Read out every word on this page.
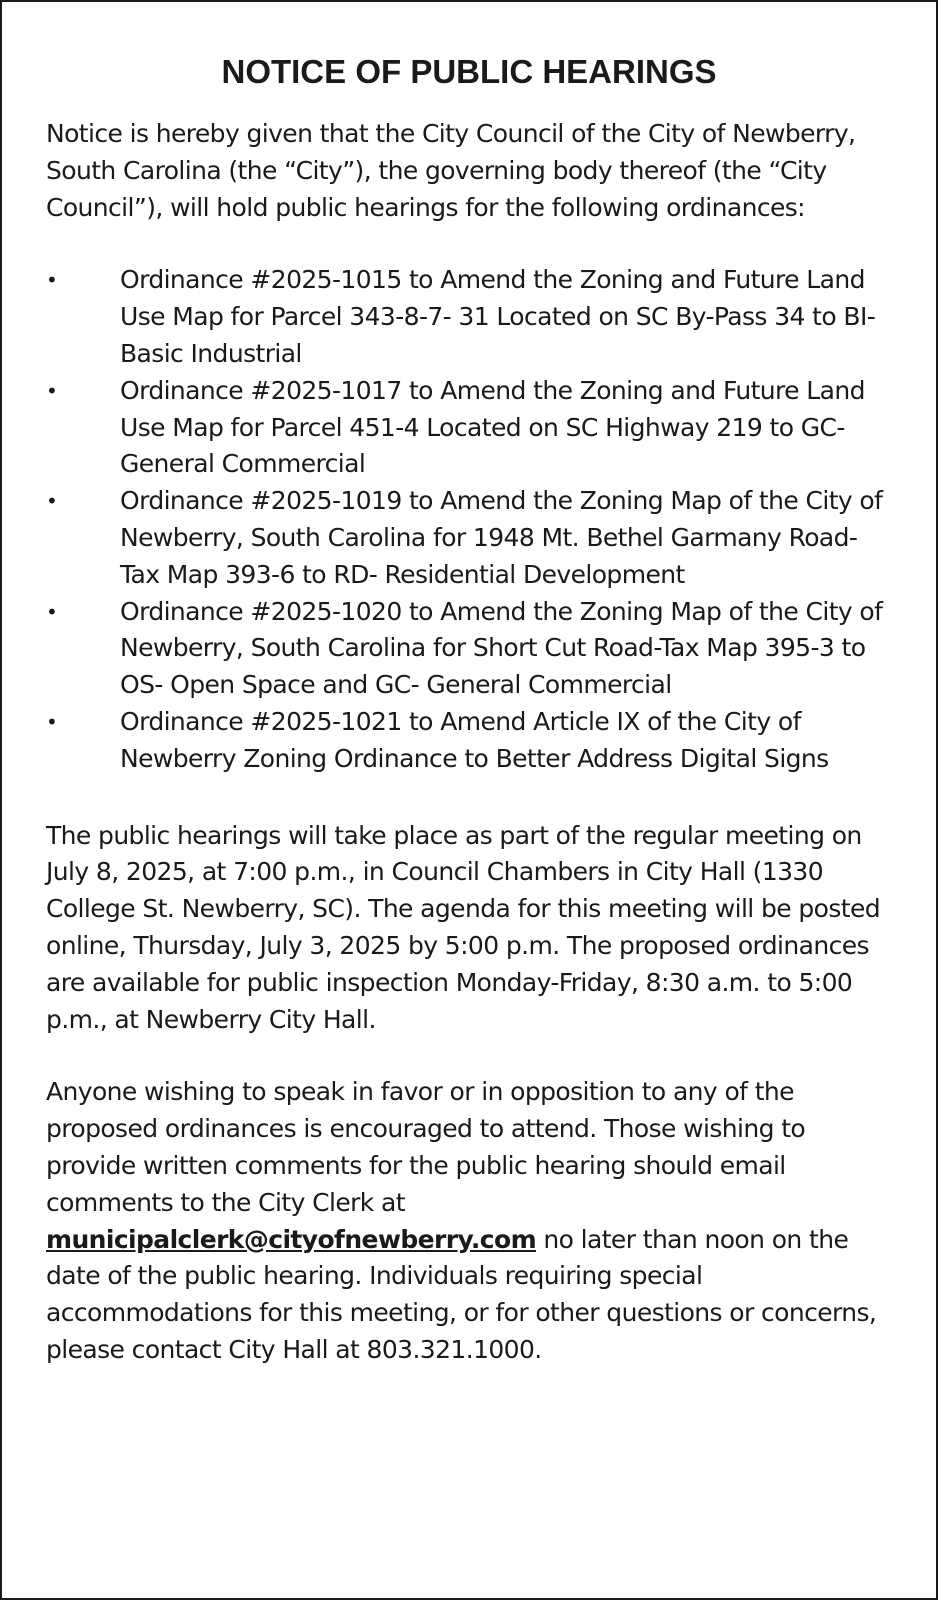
NOTICE OF PUBLIC HEARINGS

Notice is hereby given that the City Council of the City of Newberry, South Carolina (the “City”), the governing body thereof (the “City Council”), will hold public hearings for the following ordinances:

•	Ordinance #2025-1015 to Amend the Zoning and Future Land Use Map for Parcel 343-8-7- 31 Located on SC By-Pass 34 to BI- Basic Industrial
•	Ordinance #2025-1017 to Amend the Zoning and Future Land Use Map for Parcel 451-4 Located on SC Highway 219 to GC- General Commercial
•	Ordinance #2025-1019 to Amend the Zoning Map of the City of Newberry, South Carolina for 1948 Mt. Bethel Garmany Road-Tax Map 393-6 to RD- Residential Development
•	Ordinance #2025-1020 to Amend the Zoning Map of the City of Newberry, South Carolina for Short Cut Road-Tax Map 395-3 to OS- Open Space and GC- General Commercial
•	Ordinance #2025-1021 to Amend Article IX of the City of Newberry Zoning Ordinance to Better Address Digital Signs

The public hearings will take place as part of the regular meeting on July 8, 2025, at 7:00 p.m., in Council Chambers in City Hall (1330 College St. Newberry, SC). The agenda for this meeting will be posted online, Thursday, July 3, 2025 by 5:00 p.m. The proposed ordinances are available for public inspection Monday-Friday, 8:30 a.m. to 5:00 p.m., at Newberry City Hall.

Anyone wishing to speak in favor or in opposition to any of the proposed ordinances is encouraged to attend. Those wishing to provide written comments for the public hearing should email comments to the City Clerk at municipalclerk@cityofnewberry.com no later than noon on the date of the public hearing. Individuals requiring special accommodations for this meeting, or for other questions or concerns, please contact City Hall at 803.321.1000.
